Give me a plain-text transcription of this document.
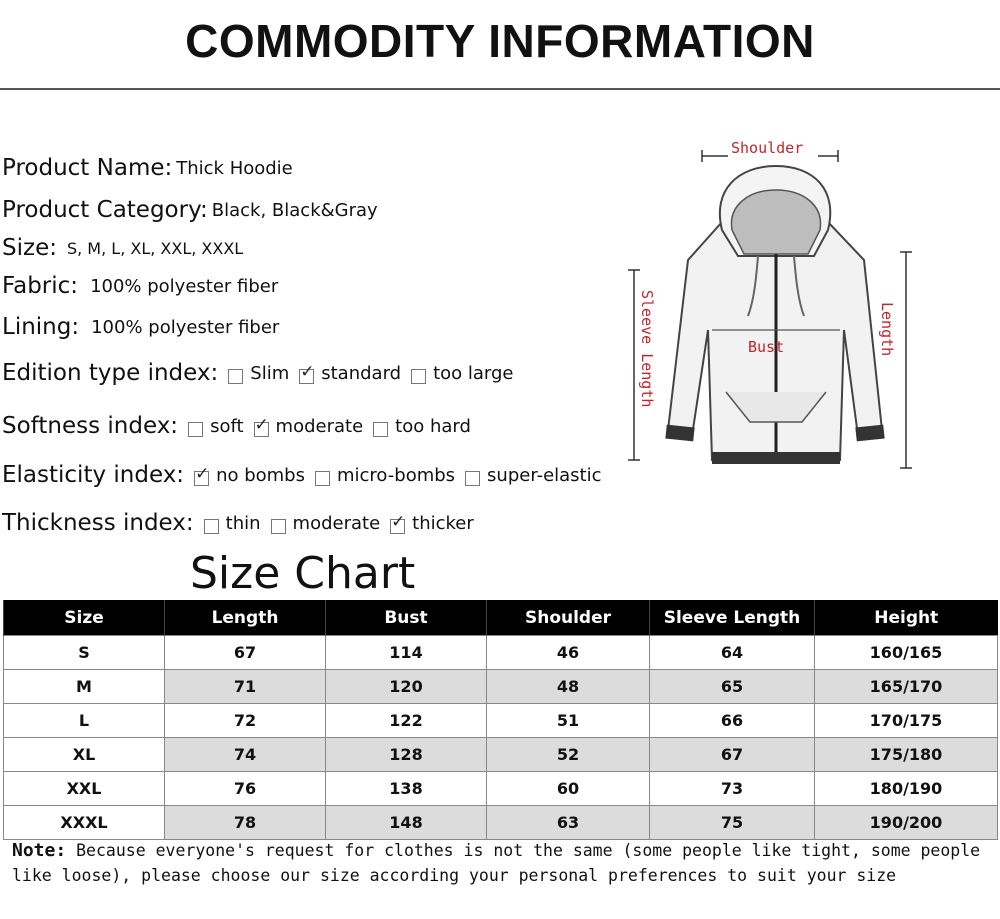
COMMODITY INFORMATION
Product Name: Thick Hoodie
Product Category: Black, Black&Gray
Size: S, M, L, XL, XXL, XXXL
Fabric: 100% polyester fiber
Lining: 100% polyester fiber
Edition type index: Slim ✓ standard too large
Softness index: soft ✓ moderate too hard
Elasticity index: ✓ no bombs micro-bombs super-elastic
Thickness index: thin moderate ✓ thicker
Shoulder
Bust
Sleeve Length	Length
Size Chart
Size	Length	Bust	Shoulder	Sleeve Length	Height
S	67	114	46	64	160/165
M	71	120	48	65	165/170
L	72	122	51	66	170/175
XL	74	128	52	67	175/180
XXL	76	138	60	73	180/190
XXXL	78	148	63	75	190/200
Note: Because everyone's request for clothes is not the same (some people like tight, some people like loose), please choose our size according your personal preferences to suit your size
